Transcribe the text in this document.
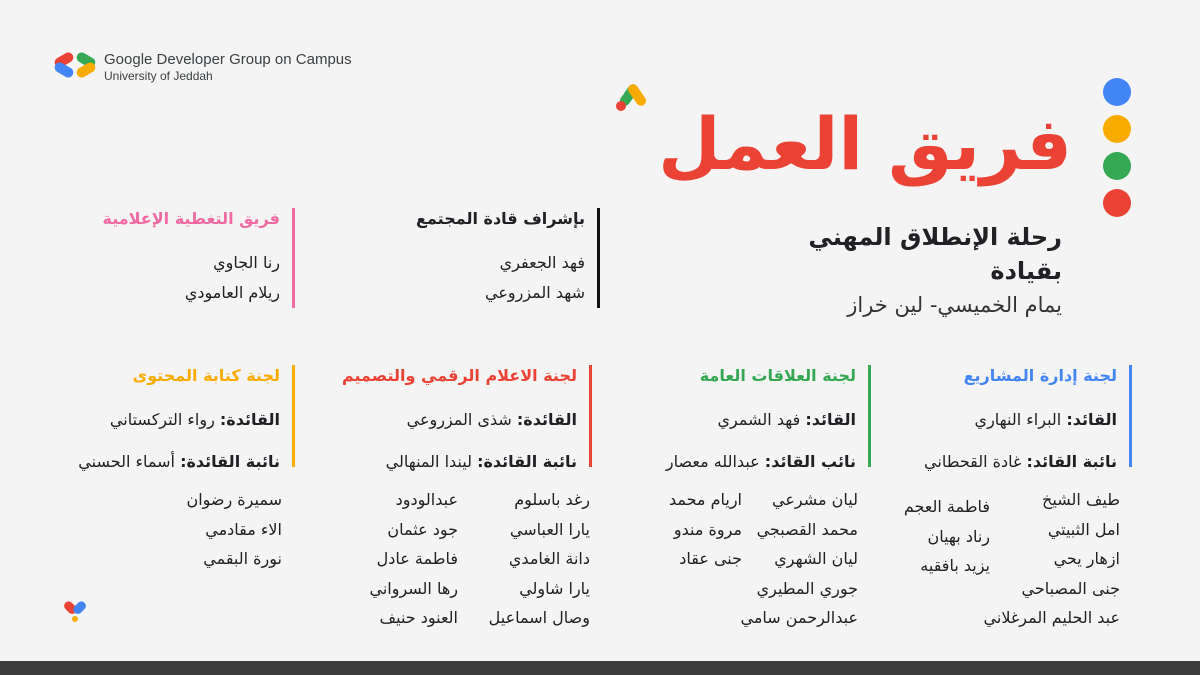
Google Developer Group on Campus
University of Jeddah
فريق العمل
رحلة الإنطلاق المهني
بقيادة
يمام الخميسي- لين خراز
بإشراف قادة المجتمع
فهد الجعفري
شهد المزروعي
فريق التغطية الإعلامية
رنا الجاوي
ريلام العامودي
لجنة إدارة المشاريع
القائد: البراء النهاري
نائبة القائد: غادة القحطاني
لجنة العلاقات العامة
القائد: فهد الشمري
نائب القائد: عبدالله معصار
لجنة الاعلام الرقمي والتصميم
القائدة: شذى المزروعي
نائبة القائدة: ليندا المنهالي
لجنة كتابة المحتوى
القائدة: رواء التركستاني
نائبة القائدة: أسماء الحسني
طيف الشيخ
امل الثبيتي
ازهار يحي
جنى المصباحي
عبد الحليم المرغلاني
فاطمة العجم
رناد بهيان
يزيد بافقيه
ليان مشرعي
محمد القصبجي
ليان الشهري
جوري المطيري
عبدالرحمن سامي
اريام محمد
مروة مندو
جنى عقاد
رغد باسلوم
يارا العباسي
دانة الغامدي
يارا شاولي
وصال اسماعيل
عبدالودود
جود عثمان
فاطمة عادل
رها السرواني
العنود حنيف
سميرة رضوان
الاء مقادمي
نورة البقمي
